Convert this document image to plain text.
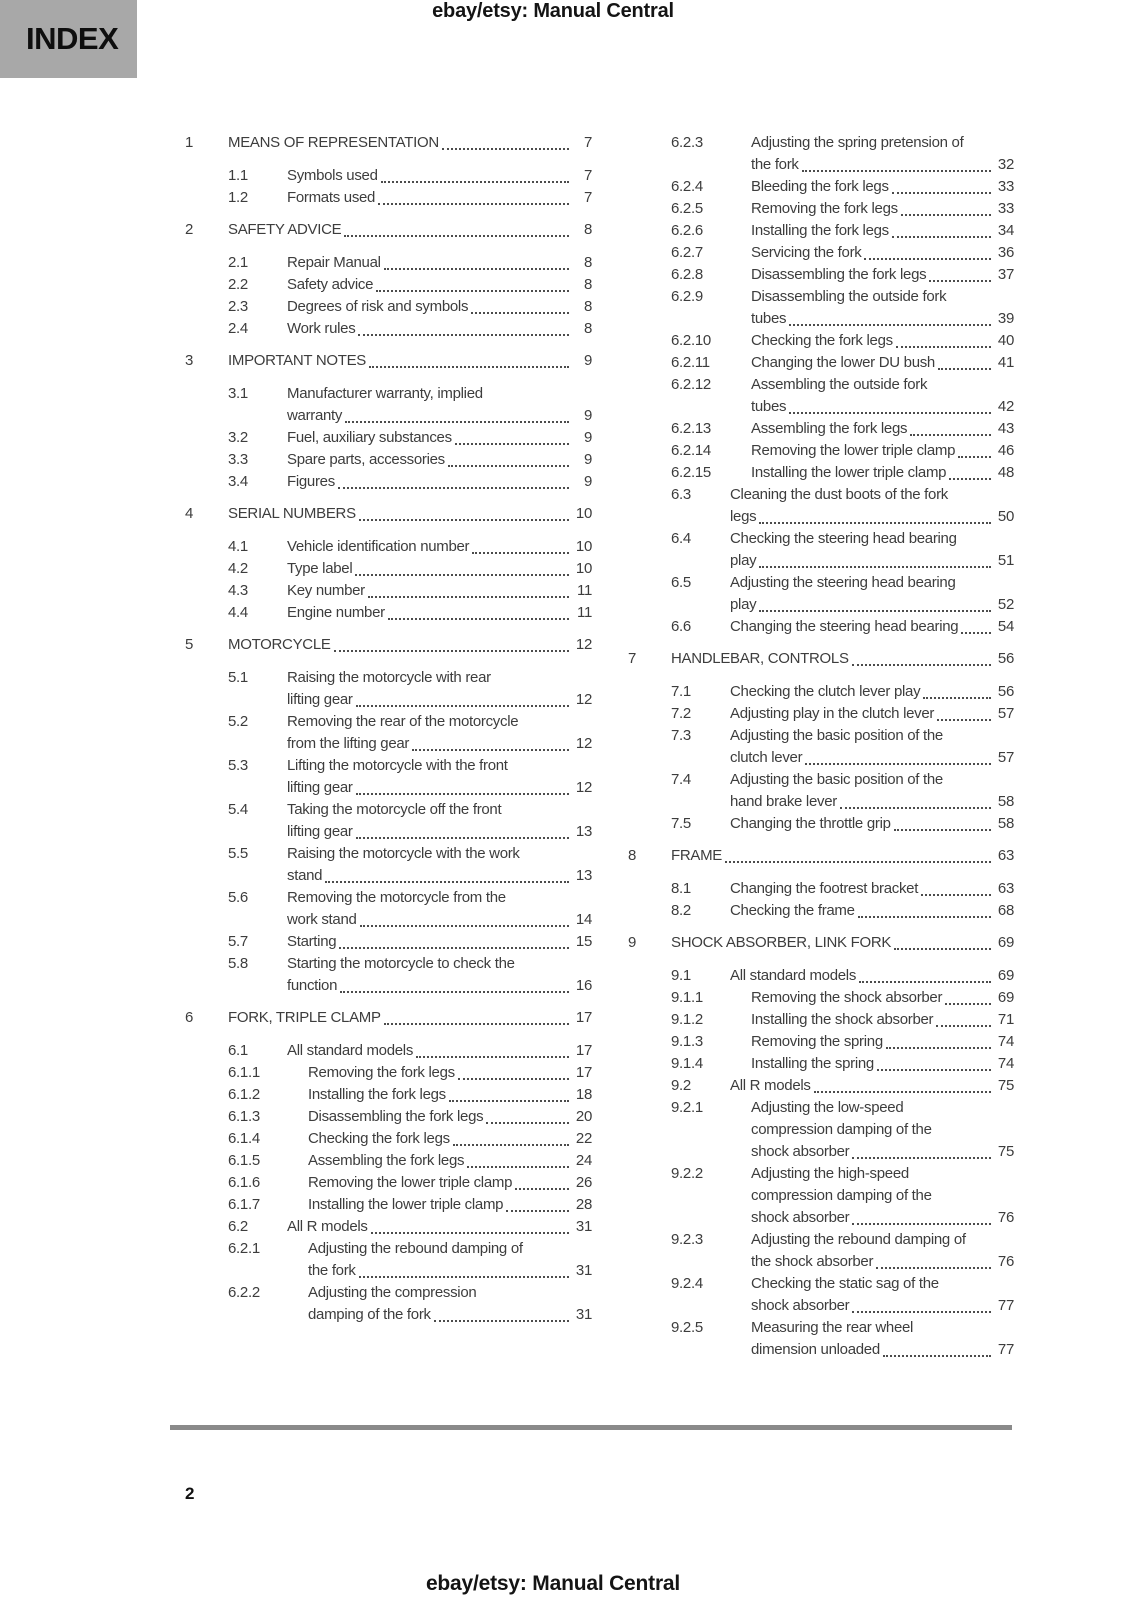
INDEX
ebay/etsy: Manual Central
1	MEANS OF REPRESENTATION	7
1.1	Symbols used	7
1.2	Formats used	7
2	SAFETY ADVICE	8
2.1	Repair Manual	8
2.2	Safety advice	8
2.3	Degrees of risk and symbols	8
2.4	Work rules	8
3	IMPORTANT NOTES	9
3.1	Manufacturer warranty, implied
warranty	9
3.2	Fuel, auxiliary substances	9
3.3	Spare parts, accessories	9
3.4	Figures	9
4	SERIAL NUMBERS	10
4.1	Vehicle identification number	10
4.2	Type label	10
4.3	Key number	11
4.4	Engine number	11
5	MOTORCYCLE	12
5.1	Raising the motorcycle with rear
lifting gear	12
5.2	Removing the rear of the motorcycle
from the lifting gear	12
5.3	Lifting the motorcycle with the front
lifting gear	12
5.4	Taking the motorcycle off the front
lifting gear	13
5.5	Raising the motorcycle with the work
stand	13
5.6	Removing the motorcycle from the
work stand	14
5.7	Starting	15
5.8	Starting the motorcycle to check the
function	16
6	FORK, TRIPLE CLAMP	17
6.1	All standard models	17
6.1.1	Removing the fork legs	17
6.1.2	Installing the fork legs	18
6.1.3	Disassembling the fork legs	20
6.1.4	Checking the fork legs	22
6.1.5	Assembling the fork legs	24
6.1.6	Removing the lower triple clamp	26
6.1.7	Installing the lower triple clamp	28
6.2	All R models	31
6.2.1	Adjusting the rebound damping of
the fork	31
6.2.2	Adjusting the compression
damping of the fork	31
6.2.3	Adjusting the spring pretension of
the fork	32
6.2.4	Bleeding the fork legs	33
6.2.5	Removing the fork legs	33
6.2.6	Installing the fork legs	34
6.2.7	Servicing the fork	36
6.2.8	Disassembling the fork legs	37
6.2.9	Disassembling the outside fork
tubes	39
6.2.10	Checking the fork legs	40
6.2.11	Changing the lower DU bush	41
6.2.12	Assembling the outside fork
tubes	42
6.2.13	Assembling the fork legs	43
6.2.14	Removing the lower triple clamp	46
6.2.15	Installing the lower triple clamp	48
6.3	Cleaning the dust boots of the fork
legs	50
6.4	Checking the steering head bearing
play	51
6.5	Adjusting the steering head bearing
play	52
6.6	Changing the steering head bearing	54
7	HANDLEBAR, CONTROLS	56
7.1	Checking the clutch lever play	56
7.2	Adjusting play in the clutch lever	57
7.3	Adjusting the basic position of the
clutch lever	57
7.4	Adjusting the basic position of the
hand brake lever	58
7.5	Changing the throttle grip	58
8	FRAME	63
8.1	Changing the footrest bracket	63
8.2	Checking the frame	68
9	SHOCK ABSORBER, LINK FORK	69
9.1	All standard models	69
9.1.1	Removing the shock absorber	69
9.1.2	Installing the shock absorber	71
9.1.3	Removing the spring	74
9.1.4	Installing the spring	74
9.2	All R models	75
9.2.1	Adjusting the low-speed
compression damping of the
shock absorber	75
9.2.2	Adjusting the high-speed
compression damping of the
shock absorber	76
9.2.3	Adjusting the rebound damping of
the shock absorber	76
9.2.4	Checking the static sag of the
shock absorber	77
9.2.5	Measuring the rear wheel
dimension unloaded	77
2
ebay/etsy: Manual Central
